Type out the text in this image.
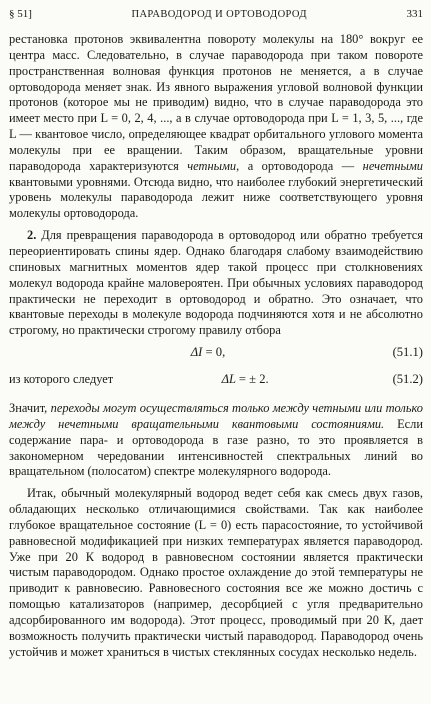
§ 51]	ПАРАВОДОРОД И ОРТОВОДОРОД	331

рестановка протонов эквивалентна повороту молекулы на 180° вокруг ее центра масс. Следовательно, в случае параводорода при таком повороте пространственная волновая функция протонов не меняется, а в случае ортоводорода меняет знак. Из явного выражения угловой волновой функции протонов (которое мы не приводим) видно, что в случае параводорода это имеет место при L = 0, 2, 4, ..., а в случае ортоводорода при L = 1, 3, 5, ..., где L — квантовое число, определяющее квадрат орбитального углового момента молекулы при ее вращении. Таким образом, вращательные уровни параводорода характеризуются четными, а ортоводорода — нечетными квантовыми уровнями. Отсюда видно, что наиболее глубокий энергетический уровень молекулы параводорода лежит ниже соответствующего уровня молекулы ортоводорода.

2. Для превращения параводорода в ортоводород или обратно требуется переориентировать спины ядер. Однако благодаря слабому взаимодействию спиновых магнитных моментов ядер такой процесс при столкновениях молекул водорода крайне маловероятен. При обычных условиях параводород практически не переходит в ортоводород и обратно. Это означает, что квантовые переходы в молекуле водорода подчиняются хотя и не абсолютно строгому, но практически строгому правилу отбора

ΔI = 0,	(51.1)
из которого следует	ΔL = ± 2.	(51.2)

Значит, переходы могут осуществляться только между четными или только между нечетными вращательными квантовыми состояниями. Если содержание пара- и ортоводорода в газе разно, то это проявляется в закономерном чередовании интенсивностей спектральных линий во вращательном (полосатом) спектре молекулярного водорода.

Итак, обычный молекулярный водород ведет себя как смесь двух газов, обладающих несколько отличающимися свойствами. Так как наиболее глубокое вращательное состояние (L = 0) есть парасостояние, то устойчивой равновесной модификацией при низких температурах является параводород. Уже при 20 К водород в равновесном состоянии является практически чистым параводородом. Однако простое охлаждение до этой температуры не приводит к равновесию. Равновесного состояния все же можно достичь с помощью катализаторов (например, десорбцией с угля предварительно адсорбированного им водорода). Этот процесс, проводимый при 20 К, дает возможность получить практически чистый параводород. Параводород очень устойчив и может храниться в чистых стеклянных сосудах несколько недель.
